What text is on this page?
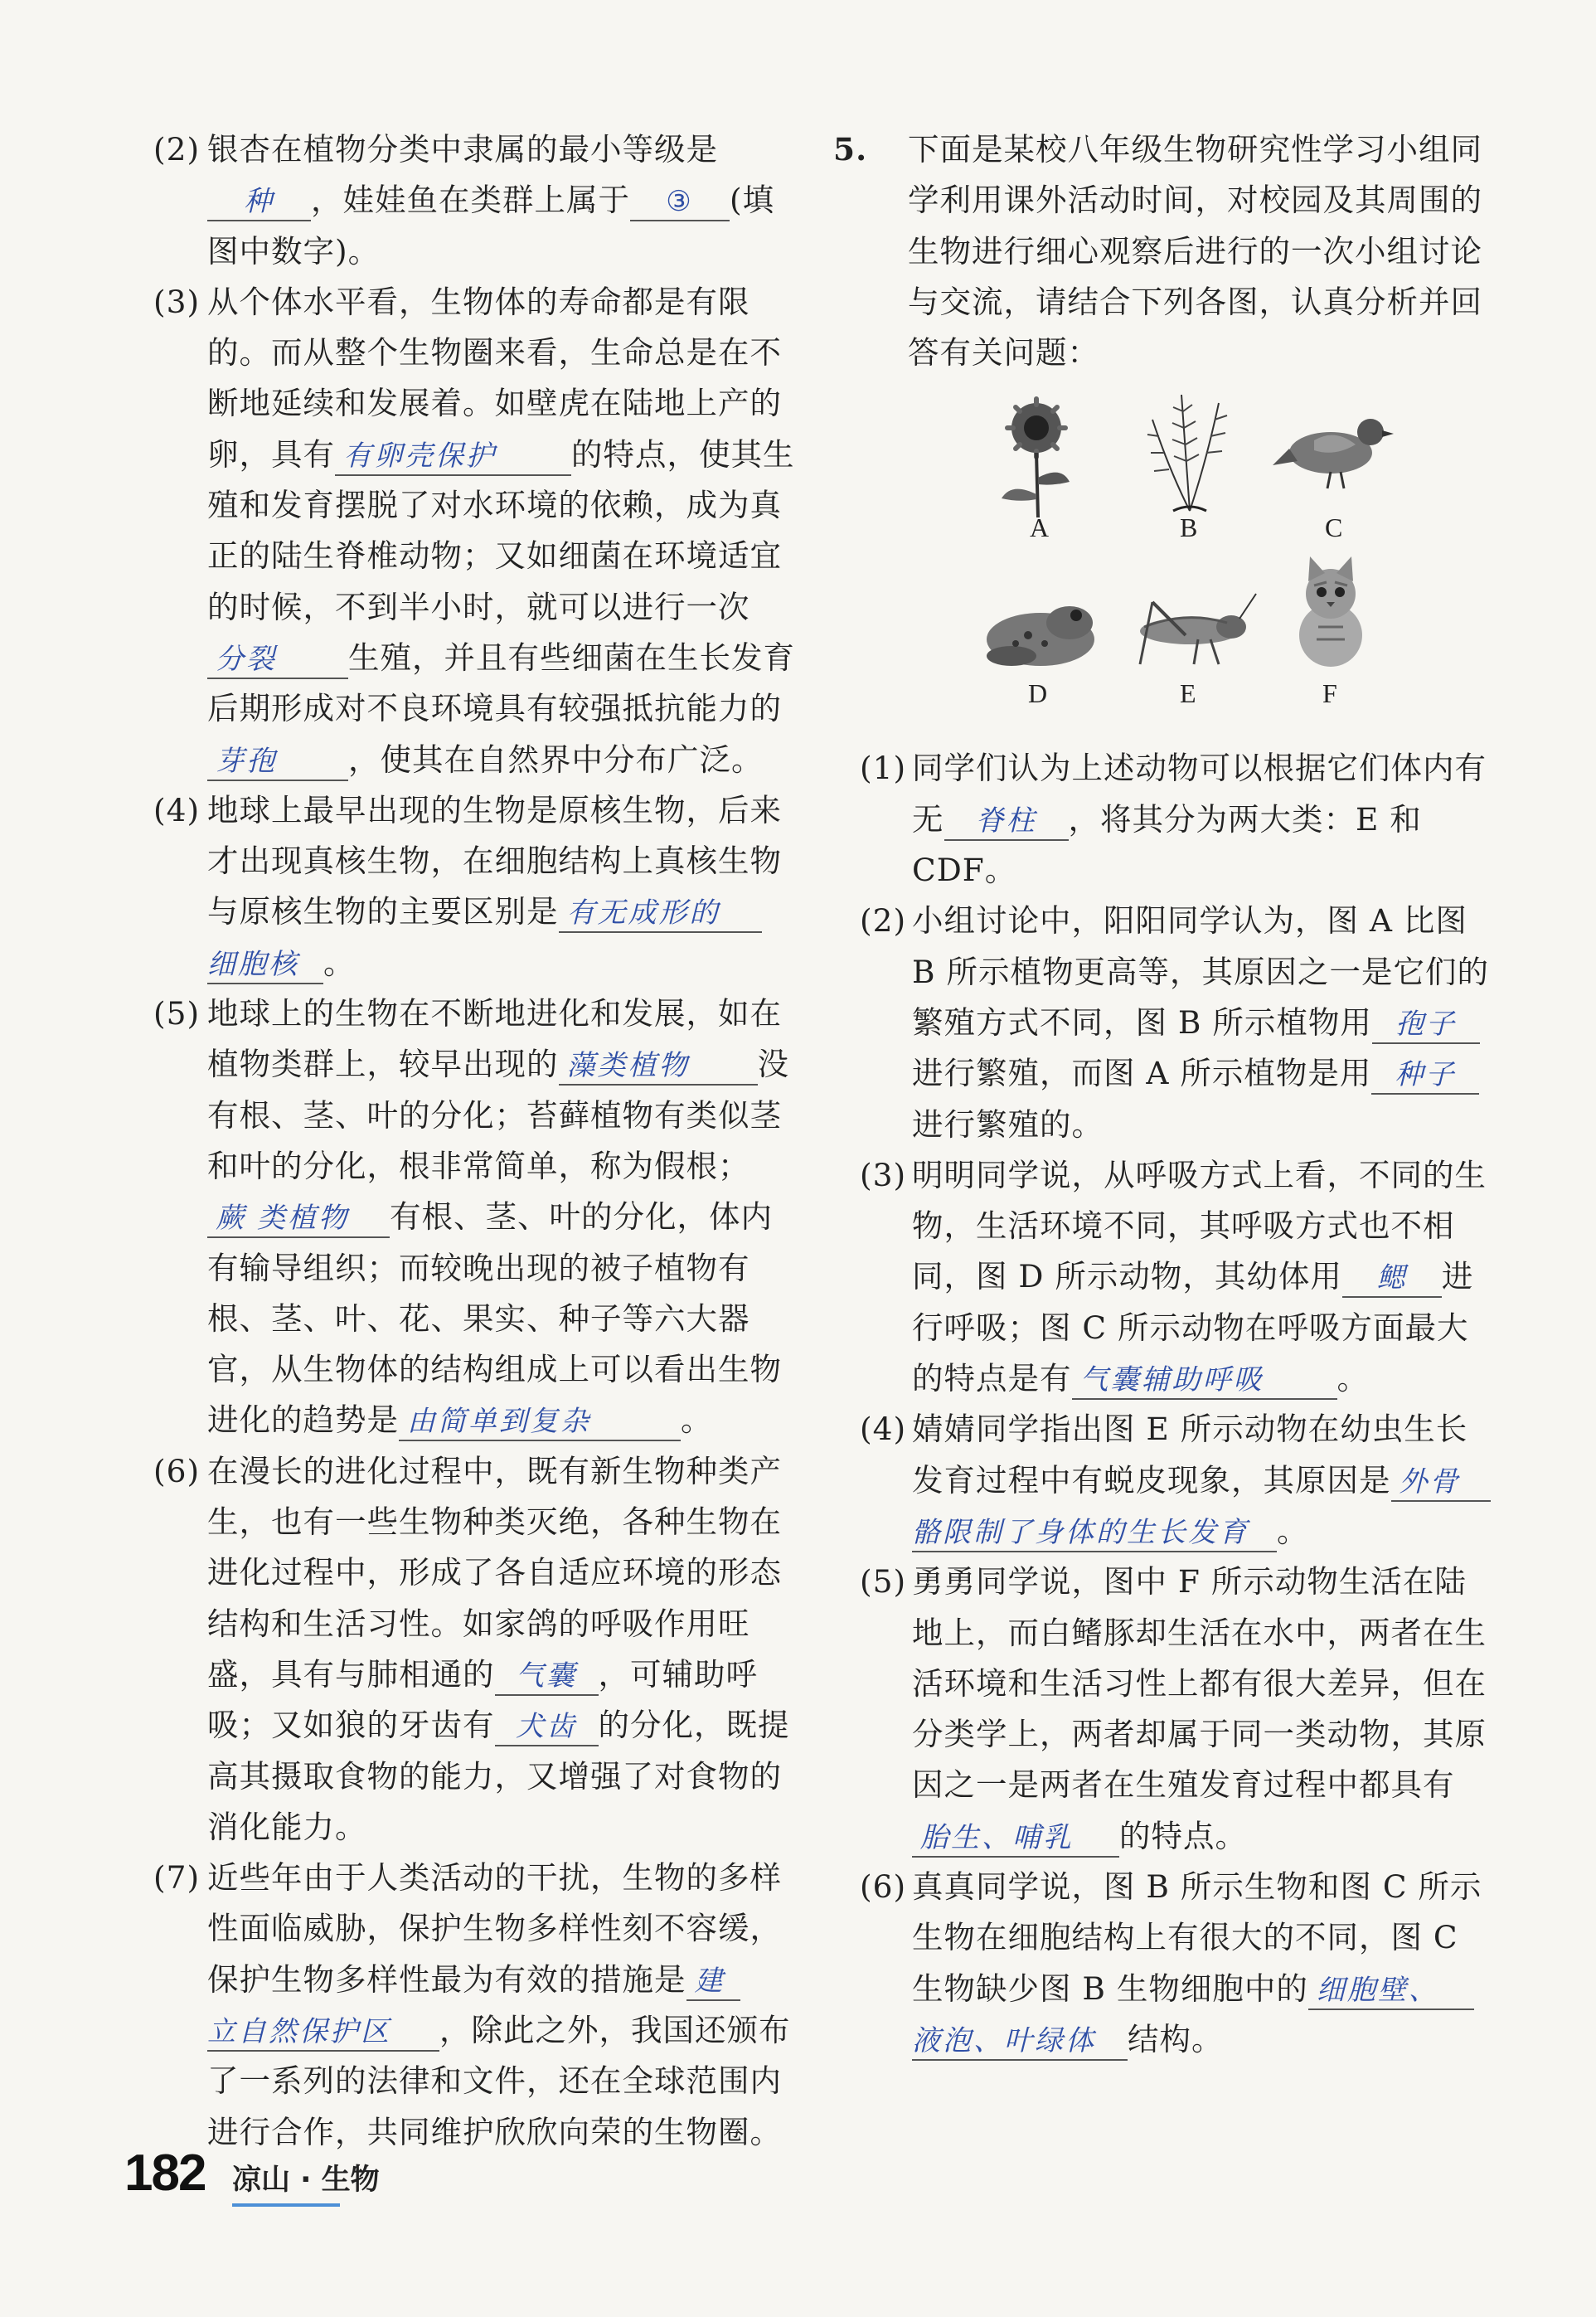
(2) 银杏在植物分类中隶属的最小等级是
种 ，娃娃鱼在类群上属于 ③ (填图中数字)。
(3) 从个体水平看，生物体的寿命都是有限的。而从整个生物圈来看，生命总是在不断地延续和发展着。如壁虎在陆地上产的卵，具有 有卵壳保护 的特点，使其生殖和发育摆脱了对水环境的依赖，成为真正的陆生脊椎动物；又如细菌在环境适宜的时候，不到半小时，就可以进行一次分裂 生殖，并且有些细菌在生长发育后期形成对不良环境具有较强抵抗能力的芽孢 ，使其在自然界中分布广泛。
(4) 地球上最早出现的生物是原核生物，后来才出现真核生物，在细胞结构上真核生物与原核生物的主要区别是 有无成形的
细胞核 。
(5) 地球上的生物在不断地进化和发展，如在植物类群上，较早出现的 藻类植物 没有根、茎、叶的分化；苔藓植物有类似茎和叶的分化，根非常简单，称为假根；蕨 类植物 有根、茎、叶的分化，体内有输导组织；而较晚出现的被子植物有根、茎、叶、花、果实、种子等六大器官，从生物体的结构组成上可以看出生物进化的趋势是 由简单到复杂	。
(6) 在漫长的进化过程中，既有新生物种类产生，也有一些生物种类灭绝，各种生物在进化过程中，形成了各自适应环境的形态结构和生活习性。如家鸽的呼吸作用旺盛，具有与肺相通的 气囊 ，可辅助呼吸；又如狼的牙齿有 犬齿 的分化，既提高其摄取食物的能力，又增强了对食物的消化能力。
(7) 近些年由于人类活动的干扰，生物的多样性面临威胁，保护生物多样性刻不容缓，保护生物多样性最为有效的措施是 建立自然保护区 ，除此之外，我国还颁布了一系列的法律和文件，还在全球范围内进行合作，共同维护欣欣向荣的生物圈。
5. 下面是某校八年级生物研究性学习小组同学利用课外活动时间，对校园及其周围的生物进行细心观察后进行的一次小组讨论与交流，请结合下列各图，认真分析并回答有关问题：
A	B	C
D	E	F
(1) 同学们认为上述动物可以根据它们体内有无 脊柱 ，将其分为两大类：E 和 CDF。
(2) 小组讨论中，阳阳同学认为，图 A 比图 B 所示植物更高等，其原因之一是它们的繁殖方式不同，图 B 所示植物用 孢子进行繁殖，而图 A 所示植物是用 种子进行繁殖的。
(3) 明明同学说，从呼吸方式上看，不同的生物，生活环境不同，其呼吸方式也不相同，图 D 所示动物，其幼体用 鳃 进行呼吸；图 C 所示动物在呼吸方面最大的特点是有 气囊辅助呼吸 。
(4) 婧婧同学指出图 E 所示动物在幼虫生长发育过程中有蜕皮现象，其原因是 外骨骼限制了身体的生长发育 。
(5) 勇勇同学说，图中 F 所示动物生活在陆地上，而白鳍豚却生活在水中，两者在生活环境和生活习性上都有很大差异，但在分类学上，两者却属于同一类动物，其原因之一是两者在生殖发育过程中都具有胎生、哺乳 的特点。
(6) 真真同学说，图 B 所示生物和图 C 所示生物在细胞结构上有很大的不同，图 C 生物缺少图 B 生物细胞中的 细胞壁、液泡、叶绿体 结构。
182 凉山 · 生物
